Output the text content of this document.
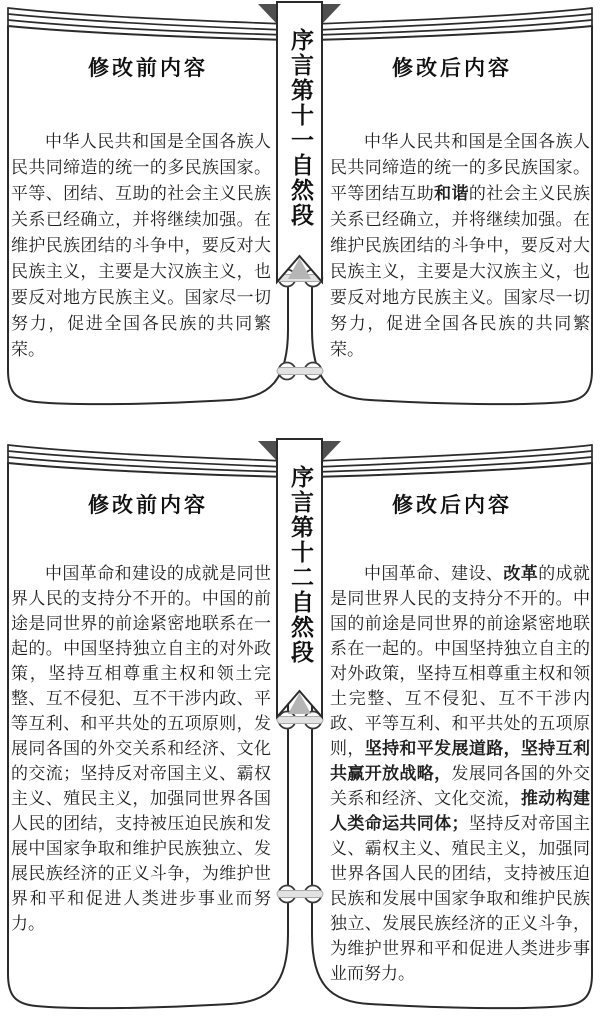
修改前内容	修改后内容

中华人民共和国是全国各族人民共同缔造的统一的多民族国家。平等、团结、互助的社会主义民族关系已经确立，并将继续加强。在维护民族团结的斗争中，要反对大民族主义，主要是大汉族主义，也要反对地方民族主义。国家尽一切努力，促进全国各民族的共同繁荣。

中华人民共和国是全国各族人民共同缔造的统一的多民族国家。平等团结互助和谐的社会主义民族关系已经确立，并将继续加强。在维护民族团结的斗争中，要反对大民族主义，主要是大汉族主义，也要反对地方民族主义。国家尽一切努力，促进全国各民族的共同繁荣。

序言第十一自然段
修改前内容	修改后内容

中国革命和建设的成就是同世界人民的支持分不开的。中国的前途是同世界的前途紧密地联系在一起的。中国坚持独立自主的对外政策，坚持互相尊重主权和领土完整、互不侵犯、互不干涉内政、平等互利、和平共处的五项原则，发展同各国的外交关系和经济、文化的交流；坚持反对帝国主义、霸权主义、殖民主义，加强同世界各国人民的团结，支持被压迫民族和发展中国家争取和维护民族独立、发展民族经济的正义斗争，为维护世界和平和促进人类进步事业而努力。

中国革命、建设、改革的成就是同世界人民的支持分不开的。中国的前途是同世界的前途紧密地联系在一起的。中国坚持独立自主的对外政策，坚持互相尊重主权和领土完整、互不侵犯、互不干涉内政、平等互利、和平共处的五项原则，坚持和平发展道路，坚持互利共赢开放战略，发展同各国的外交关系和经济、文化交流，推动构建人类命运共同体；坚持反对帝国主义、霸权主义、殖民主义，加强同世界各国人民的团结，支持被压迫民族和发展中国家争取和维护民族独立、发展民族经济的正义斗争，为维护世界和平和促进人类进步事业而努力。

序言第十二自然段
